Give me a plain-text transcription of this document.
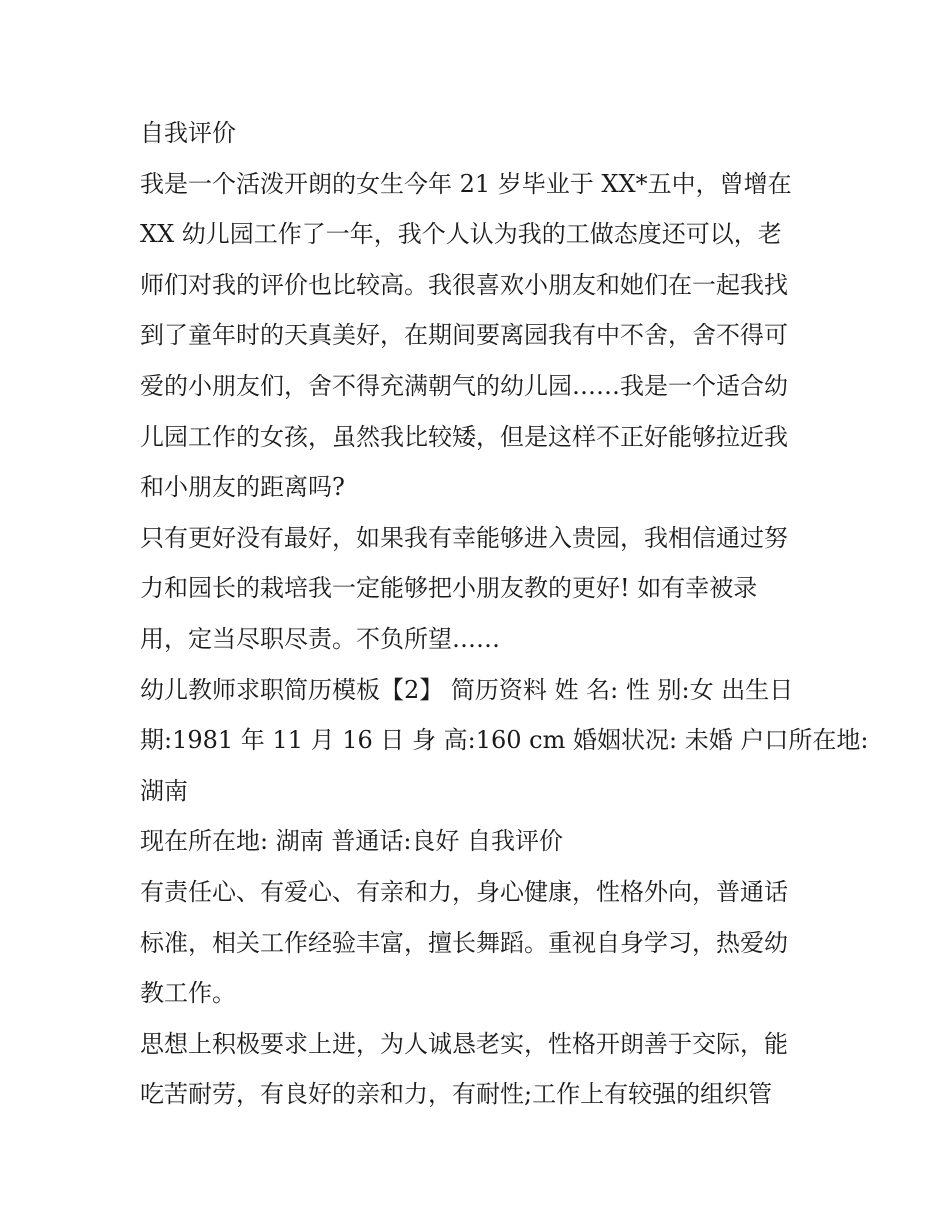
自我评价
我是一个活泼开朗的女生今年 21 岁毕业于 XX*五中，曾增在
XX 幼儿园工作了一年，我个人认为我的工做态度还可以，老
师们对我的评价也比较高。我很喜欢小朋友和她们在一起我找
到了童年时的天真美好，在期间要离园我有中不舍，舍不得可
爱的小朋友们，舍不得充满朝气的幼儿园……我是一个适合幼
儿园工作的女孩，虽然我比较矮，但是这样不正好能够拉近我
和小朋友的距离吗?
只有更好没有最好，如果我有幸能够进入贵园，我相信通过努
力和园长的栽培我一定能够把小朋友教的更好! 如有幸被录
用，定当尽职尽责。不负所望……
幼儿教师求职简历模板【2】 简历资料 姓 名: 性 别:女 出生日
期:1981 年 11 月 16 日 身 高:160 cm 婚姻状况: 未婚 户口所在地:
湖南
现在所在地: 湖南 普通话:良好 自我评价
有责任心、有爱心、有亲和力，身心健康，性格外向，普通话
标准，相关工作经验丰富，擅长舞蹈。重视自身学习，热爱幼
教工作。
思想上积极要求上进，为人诚恳老实，性格开朗善于交际，能
吃苦耐劳，有良好的亲和力，有耐性;工作上有较强的组织管
